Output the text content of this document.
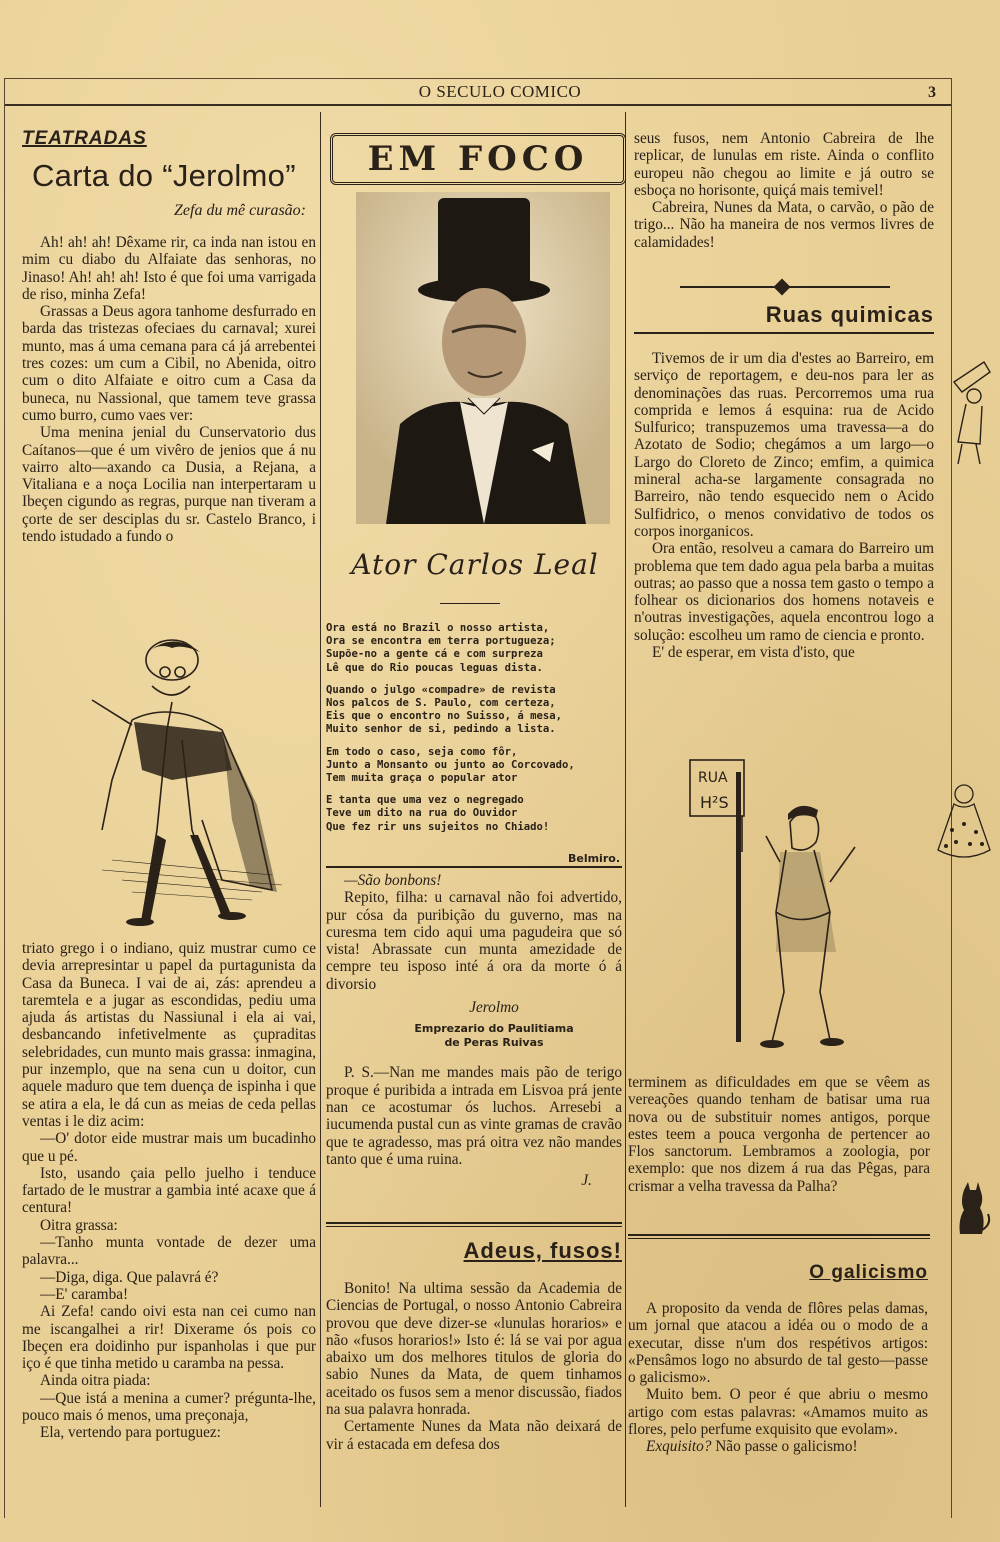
O SECULO COMICO	3
TEATRADAS
Carta do “Jerolmo”
Zefa du mê curasão:

Ah! ah! ah! Dêxame rir, ca inda nan istou en mim cu diabo du Alfaiate das senhoras, no Jinaso! Ah! ah! ah! Isto é que foi uma varrigada de riso, minha Zefa!

Grassas a Deus agora tanhome desfurrado en barda das tristezas ofeciaes du carnaval; xurei munto, mas á uma cemana para cá já arrebentei tres cozes: um cum a Cibil, no Abenida, oitro cum o dito Alfaiate e oitro cum a Casa da buneca, nu Nassional, que tamem teve grassa cumo burro, cumo vaes ver:

Uma menina jenial du Cunservatorio dus Caítanos—que é um vivêro de jenios que á nu vairro alto—axando ca Dusia, a Rejana, a Vitaliana e a noça Locilia nan interpertaram u Ibeçen cigundo as regras, purque nan tiveram a çorte de ser desciplas du sr. Castelo Branco, i tendo istudado a fundo o

triato grego i o indiano, quiz mustrar cumo ce devia arrepresintar u papel da purtagunista da Casa da Buneca. I vai de ai, zás: aprendeu a taremtela e a jugar as escondidas, pediu uma ajuda ás artistas du Nassiunal i ela ai vai, desbancando infetivelmente as çupraditas selebridades, cun munto mais grassa: inmagina, pur inzemplo, que na sena cun u doitor, cun aquele maduro que tem duença de ispinha i que se atira a ela, le dá cun as meias de ceda pellas ventas i le diz acim:

—O' dotor eide mustrar mais um bucadinho que u pé.

Isto, usando çaia pello juelho i tenduce fartado de le mustrar a gambia inté acaxe que á centura!

Oitra grassa:

—Tanho munta vontade de dezer uma palavra...

—Diga, diga. Que palavrá é?

—E' caramba!

Ai Zefa! cando oivi esta nan cei cumo nan me iscangalhei a rir! Dixerame ós pois co Ibeçen era doidinho pur ispanholas i que pur iço é que tinha metido u caramba na pessa.

Ainda oitra piada:

—Que istá a menina a cumer? prégunta-lhe, pouco mais ó menos, uma preçonaja,

Ela, vertendo para portuguez:

EM FOCO
Ator Carlos Leal
Ora está no Brazil o nosso artista,
Ora se encontra em terra portugueza;
Supõe-no a gente cá e com surpreza
Lê que do Rio poucas leguas dista.
Quando o julgo «compadre» de revista
Nos palcos de S. Paulo, com certeza,
Eis que o encontro no Suisso, á mesa,
Muito senhor de si, pedindo a lista.
Em todo o caso, seja como fôr,
Junto a Monsanto ou junto ao Corcovado,
Tem muita graça o popular ator
E tanta que uma vez o negregado
Teve um dito na rua do Ouvidor
Que fez rir uns sujeitos no Chiado!
Belmiro.

—São bonbons!

Repito, filha: u carnaval não foi advertido, pur cósa da puribição du guverno, mas na curesma tem cido aqui uma pagudeira que só vista! Abrassate cun munta amezidade de cempre teu isposo inté á ora da morte ó á divorsio

Jerolmo
Emprezario do Paulitiama
de Peras Ruivas

P. S.—Nan me mandes mais pão de terigo proque é puribida a intrada em Lisvoa prá jente nan ce acostumar ós luchos. Arresebi a iucumenda pustal cun as vinte gramas de cravão que te agradesso, mas prá oitra vez não mandes tanto que é uma ruina.

J.
Adeus, fusos!

Bonito! Na ultima sessão da Academia de Ciencias de Portugal, o nosso Antonio Cabreira provou que deve dizer-se «lunulas horarios» e não «fusos horarios!» Isto é: lá se vai por agua abaixo um dos melhores titulos de gloria do sabio Nunes da Mata, de quem tinhamos aceitado os fusos sem a menor discussão, fiados na sua palavra honrada.

Certamente Nunes da Mata não deixará de vir á estacada em defesa dos

seus fusos, nem Antonio Cabreira de lhe replicar, de lunulas em riste. Ainda o conflito europeu não chegou ao limite e já outro se esboça no horisonte, quiçá mais temivel!

Cabreira, Nunes da Mata, o carvão, o pão de trigo... Não ha maneira de nos vermos livres de calamidades!

Ruas quimicas

Tivemos de ir um dia d'estes ao Barreiro, em serviço de reportagem, e deu-nos para ler as denominações das ruas. Percorremos uma rua comprida e lemos á esquina: rua de Acido Sulfurico; transpuzemos uma travessa—a do Azotato de Sodio; chegámos a um largo—o Largo do Cloreto de Zinco; emfim, a quimica mineral acha-se largamente consagrada no Barreiro, não tendo esquecido nem o Acido Sulfidrico, o menos convidativo de todos os corpos inorganicos.

Ora então, resolveu a camara do Barreiro um problema que tem dado agua pela barba a muitas outras; ao passo que a nossa tem gasto o tempo a folhear os dicionarios dos homens notaveis e n'outras investigações, aquela encontrou logo a solução: escolheu um ramo de ciencia e pronto.

E' de esperar, em vista d'isto, que

RUA
H²S

terminem as dificuldades em que se vêem as vereações quando tenham de batisar uma rua nova ou de substituir nomes antigos, porque estes teem a pouca vergonha de pertencer ao Flos sanctorum. Lembramos a zoologia, por exemplo: que nos dizem á rua das Pêgas, para crismar a velha travessa da Palha?

O galicismo

A proposito da venda de flôres pelas damas, um jornal que atacou a idéa ou o modo de a executar, disse n'um dos respétivos artigos: «Pensâmos logo no absurdo de tal gesto—passe o galicismo».

Muito bem. O peor é que abriu o mesmo artigo com estas palavras: «Amamos muito as flores, pelo perfume exquisito que evolam».

Exquisito? Não passe o galicismo!
